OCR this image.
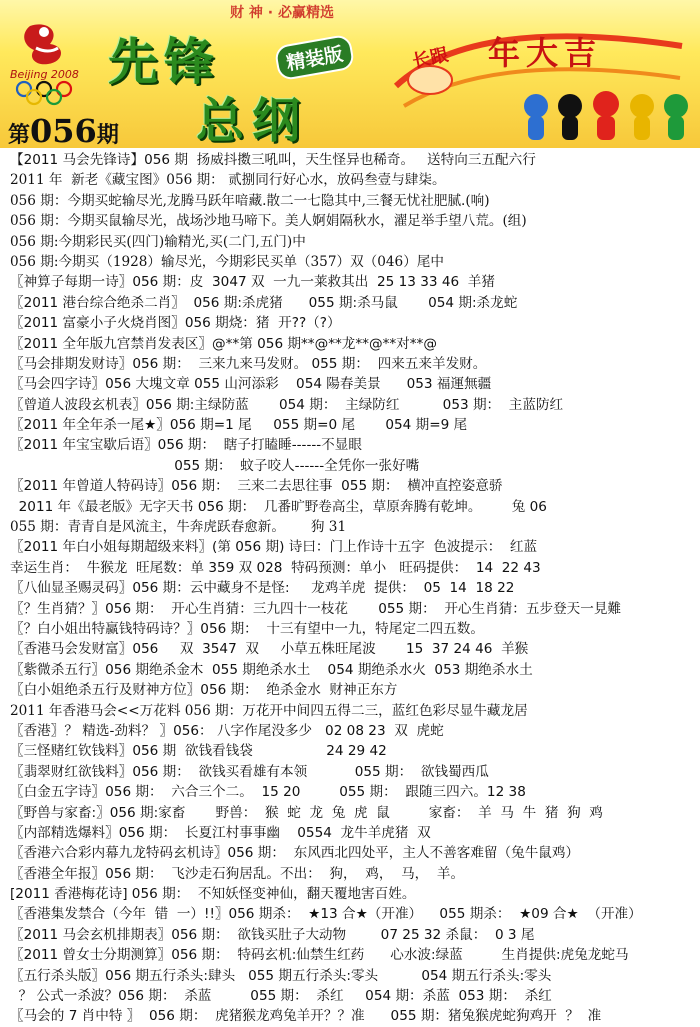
财 神 · 必赢精选
Beijing 2008 先锋	精装版
总纲
第056期
长跟 年大吉
【2011 马会先锋诗】056 期  扬威抖擞三吼叫，天生怪异也稀奇。   送特向三五配六行
2011 年  新老《藏宝图》056 期： 贰捌同行好心水，放码叁壹与肆柒。
056 期：今期买蛇输尽光,龙腾马跃年喑藏.散二一七隐其中,三餐无忧社肥腻.(响)
056 期：今期买鼠输尽光，战场沙地马啼下。美人婀娟隔秋水，濯足举手望八荒。(组)
056 期:今期彩民买(四门)输精光,买(二门,五门)中
056 期:今期买（1928）输尽光，今期彩民买单（357）双（046）尾中
〖神算子每期一诗〗056 期：皮  3047 双  一九一莱救其出  25 13 33 46  羊猪
〖2011 港台综合绝杀二肖〗  056 期:杀虎猪      055 期:杀马鼠       054 期:杀龙蛇
〖2011 富豪小子火烧肖图〗056 期烧：猪  开??（?）
〖2011 全年版九宫禁肖发表区〗@**第 056 期**@**龙**@**对**@
〖马会排期发财诗〗056 期：  三来九来马发财。 055 期：  四来五来羊发财。
〖马会四字诗〗056 大塊文章 055 山河添彩    054 陽春美景      053 福運無疆
〖曾道人波段玄机表〗056 期:主绿防蓝       054 期：  主绿防红          053 期：  主蓝防红
〖2011 年全年杀一尾★〗056 期=1 尾     055 期=0 尾       054 期=9 尾
〖2011 年宝宝歇后语〗056 期：  瞎子打瞌睡------不显眼
055 期：  蚊子咬人------全凭你一张好嘴
〖2011 年曾道人特码诗〗056 期：  三来二去思往事  055 期：  横冲直控姿意骄
2011 年《最老版》无字天书 056 期：  几番旷野卷高尘，草原奔腾有乾坤。       兔 06
055 期：青青自是风流主，牛奔虎跃春愈新。      狗 31
〖2011 年白小姐每期超级来料〗(第 056 期) 诗曰：门上作诗十五字  色波提示：  红蓝
幸运生肖：  牛猴龙  旺尾数：单 359 双 028  特码预测：单小   旺码提供：  14  22 43
〖八仙显圣赐灵码〗056 期：云中藏身不是怪:     龙鸡羊虎  提供：  05  14  18 22
〖？生肖猜？〗056 期：  开心生肖猜：三九四十一枝花       055 期：  开心生肖猜：五步登天一見難
〖？白小姐出特赢钱特码诗？〗056 期：  十三有望中一九，特尾定二四五数。
〖香港马会发财富〗056     双  3547  双     小草五株旺尾波       15  37 24 46  羊猴
〖紫微杀五行〗056 期绝杀金木  055 期绝杀水土    054 期绝杀水火  053 期绝杀水土
〖白小姐绝杀五行及财神方位〗056 期：  绝杀金水  财神正东方
2011 年香港马会<<万花料 056 期：万花开中间四五得二三，蓝红色彩尽显牛藏龙居
〖香港〗？ 精选-劲料？ 〗056： 八字作尾没多少   02 08 23  双  虎蛇
〖三怪赌红钦钱料〗056 期  欲钱看钱袋                 24 29 42
〖翡翠财红欲钱料〗056 期：  欲钱买看雄有本领           055 期：  欲钱蜀西瓜
〖白金五字诗〗056 期：  六合三个二。  15 20         055 期：  跟随三四六。12 38
〖野兽与家畜:〗056 期:家畜       野兽：  猴  蛇  龙  兔  虎  鼠         家畜：  羊  马  牛  猪  狗  鸡
〖内部精选爆料〗056 期：  长夏江村事事幽    0554  龙牛羊虎猪  双
〖香港六合彩内幕九龙特码玄机诗〗056 期：  东风西北四处平，主人不善客难留（兔牛鼠鸡）
〖香港全年报〗056 期：  飞沙走石狗居乱。不出：  狗，  鸡，  马，  羊。
[2011 香港梅花诗] 056 期：  不知妖怪变神仙，翻天覆地害百姓。
〖香港集发禁合（今年  错  一）!!〗056 期杀：  ★13 合★（开准）    055 期杀：  ★09 合★  （开准）
〖2011 马会玄机排期表〗056 期：  欲钱买肚子大动物        07 25 32 杀鼠：  0 3 尾
〖2011 曾女士分期测算〗056 期：  特码玄机:仙禁生红药      心水波:绿蓝         生肖提供:虎兔龙蛇马
〖五行杀头版〗056 期五行杀头:肆头   055 期五行杀头:零头          054 期五行杀头:零头
？ 公式一杀波？056 期：  杀蓝         055 期：  杀红     054 期：杀蓝  053 期：  杀红
〖马会的 7 肖中特 〗  056 期：  虎猪猴龙鸡兔羊开？？准      055 期：猪兔猴虎蛇狗鸡开  ？  准
